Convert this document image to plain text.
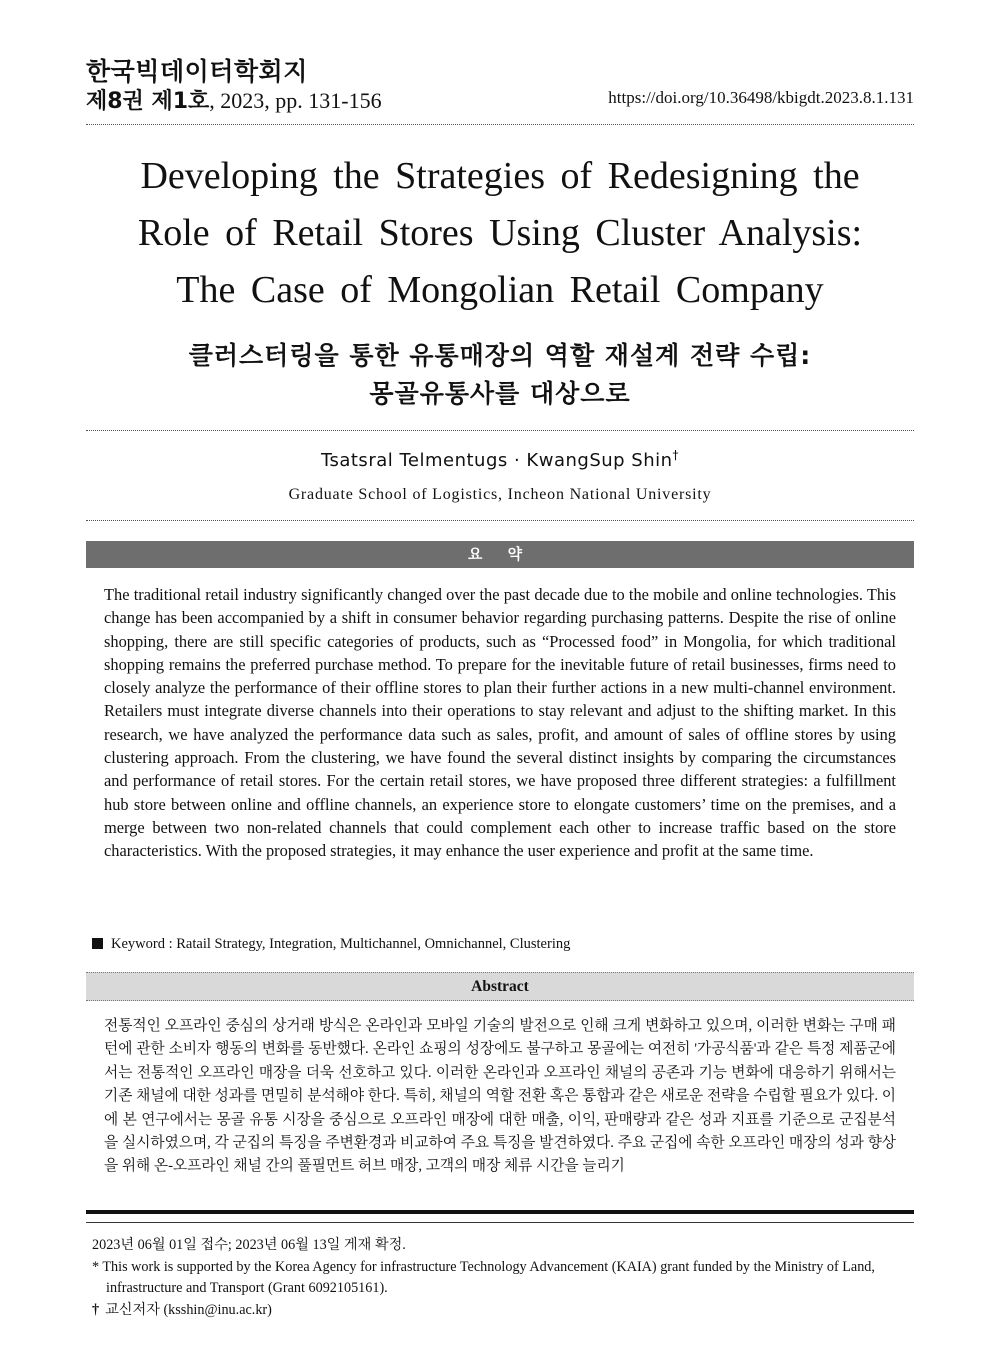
한국빅데이터학회지
제8권 제1호, 2023, pp. 131-156	https://doi.org/10.36498/kbigdt.2023.8.1.131
Developing the Strategies of Redesigning the
Role of Retail Stores Using Cluster Analysis:
The Case of Mongolian Retail Company
클러스터링을 통한 유통매장의 역할 재설계 전략 수립:
몽골유통사를 대상으로
Tsatsral Telmentugs · KwangSup Shin†
Graduate School of Logistics, Incheon National University
요 약
The traditional retail industry significantly changed over the past decade due to the mobile and online technologies. This change has been accompanied by a shift in consumer behavior regarding purchasing patterns. Despite the rise of online shopping, there are still specific categories of products, such as “Processed food” in Mongolia, for which traditional shopping remains the preferred purchase method. To prepare for the inevitable future of retail businesses, firms need to closely analyze the performance of their offline stores to plan their further actions in a new multi-channel environment. Retailers must integrate diverse channels into their operations to stay relevant and adjust to the shifting market. In this research, we have analyzed the performance data such as sales, profit, and amount of sales of offline stores by using clustering approach. From the clustering, we have found the several distinct insights by comparing the circumstances and performance of retail stores. For the certain retail stores, we have proposed three different strategies: a fulfillment hub store between online and offline channels, an experience store to elongate customers’ time on the premises, and a merge between two non-related channels that could complement each other to increase traffic based on the store characteristics. With the proposed strategies, it may enhance the user experience and profit at the same time.
Keyword : Ratail Strategy, Integration, Multichannel, Omnichannel, Clustering
Abstract
전통적인 오프라인 중심의 상거래 방식은 온라인과 모바일 기술의 발전으로 인해 크게 변화하고 있으며, 이러한 변화는 구매 패턴에 관한 소비자 행동의 변화를 동반했다. 온라인 쇼핑의 성장에도 불구하고 몽골에는 여전히 '가공식품'과 같은 특정 제품군에서는 전통적인 오프라인 매장을 더욱 선호하고 있다. 이러한 온라인과 오프라인 채널의 공존과 기능 변화에 대응하기 위해서는 기존 채널에 대한 성과를 면밀히 분석해야 한다. 특히, 채널의 역할 전환 혹은 통합과 같은 새로운 전략을 수립할 필요가 있다. 이에 본 연구에서는 몽골 유통 시장을 중심으로 오프라인 매장에 대한 매출, 이익, 판매량과 같은 성과 지표를 기준으로 군집분석을 실시하였으며, 각 군집의 특징을 주변환경과 비교하여 주요 특징을 발견하였다. 주요 군집에 속한 오프라인 매장의 성과 향상을 위해 온-오프라인 채널 간의 풀필먼트 허브 매장, 고객의 매장 체류 시간을 늘리기
2023년 06월 01일 접수; 2023년 06월 13일 게재 확정.
* This work is supported by the Korea Agency for infrastructure Technology Advancement (KAIA) grant funded by the Ministry of Land, infrastructure and Transport (Grant 6092105161).
† 교신저자 (ksshin@inu.ac.kr)
